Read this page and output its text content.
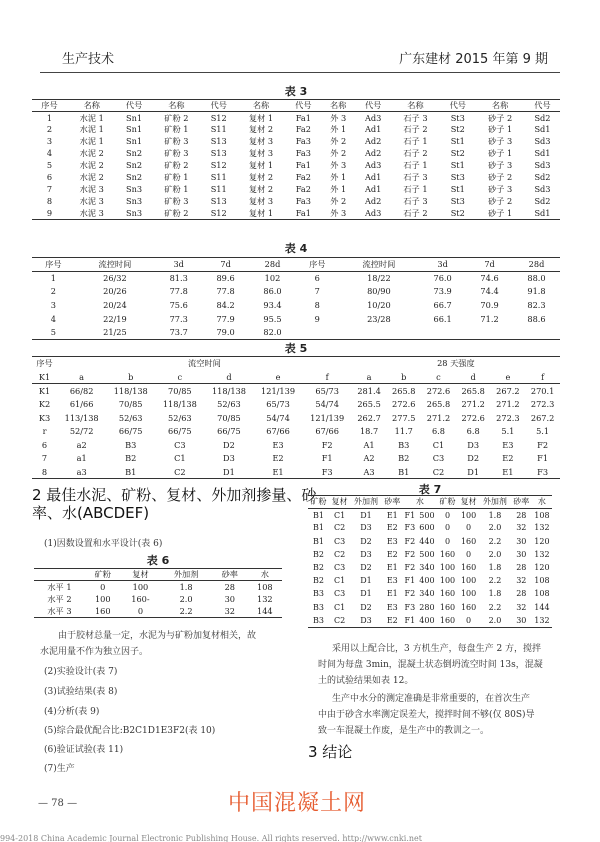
生产技术	广东建材 2015 年第 9 期
表 3
序号	名称	代号	名称	代号	名称	代号	名称	代号	名称	代号	名称	代号
1	水泥 1	Sn1	矿粉 2	S12	复材 1	Fa1	外 3	Ad3	石子 3	St3	砂子 2	Sd2
2	水泥 1	Sn1	矿粉 1	S11	复材 2	Fa2	外 1	Ad1	石子 2	St2	砂子 1	Sd1
3	水泥 1	Sn1	矿粉 3	S13	复材 3	Fa3	外 2	Ad2	石子 1	St1	砂子 3	Sd3
4	水泥 2	Sn2	矿粉 3	S13	复材 3	Fa3	外 2	Ad2	石子 2	St2	砂子 1	Sd1
5	水泥 2	Sn2	矿粉 2	S12	复材 1	Fa1	外 3	Ad3	石子 1	St1	砂子 3	Sd3
6	水泥 2	Sn2	矿粉 1	S11	复材 2	Fa2	外 1	Ad1	石子 3	St3	砂子 2	Sd2
7	水泥 3	Sn3	矿粉 1	S11	复材 2	Fa2	外 1	Ad1	石子 1	St1	砂子 3	Sd3
8	水泥 3	Sn3	矿粉 3	S13	复材 3	Fa3	外 2	Ad2	石子 3	St3	砂子 2	Sd2
9	水泥 3	Sn3	矿粉 2	S12	复材 1	Fa1	外 3	Ad3	石子 2	St2	砂子 1	Sd1
表 4
序号	流控时间	3d	7d	28d	序号	流控时间	3d	7d	28d
1	26/32	81.3	89.6	102	6	18/22	76.0	74.6	88.0
2	20/26	77.8	77.8	86.0	7	80/90	73.9	74.4	91.8
3	20/24	75.6	84.2	93.4	8	10/20	66.7	70.9	82.3
4	22/19	77.3	77.9	95.5	9	23/28	66.1	71.2	88.6
5	21/25	73.7	79.0	82.0					
表 5
序号	流空时间						28 天强度					
K1	a	b	c	d	e	f	a	b	c	d	e	f
K1	66/82	118/138	70/85	118/138	121/139	65/73	281.4	265.8	272.6	265.8	267.2	270.1
K2	61/66	70/85	118/138	52/63	65/73	54/74	265.5	272.6	265.8	271.2	271.2	272.3
K3	113/138	52/63	52/63	70/85	54/74	121/139	262.7	277.5	271.2	272.6	272.3	267.2
r	52/72	66/75	66/75	66/75	67/66	67/66	18.7	11.7	6.8	6.8	5.1	5.1
6	a2	B3	C3	D2	E3	F2	A1	B3	C1	D3	E3	F2
7	a1	B2	C1	D3	E2	F1	A2	B2	C3	D2	E2	F1
8	a3	B1	C2	D1	E1	F3	A3	B1	C2	D1	E1	F3
2 最佳水泥、矿粉、复材、外加剂掺量、砂
率、水(ABCDEF)
(1)因数设置和水平设计(表 6)
表 6
	矿粉	复材	外加剂	砂率	水
水平 1	0	100	1.8	28	108
水平 2	100	160-	2.0	30	132
水平 3	160	0	2.2	32	144
由于胶材总量一定，水泥为与矿粉加复材相关，故
水泥用量不作为独立因子。
(2)实验设计(表 7)
(3)试验结果(表 8)
(4)分析(表 9)
(5)综合最优配合比:B2C1D1E3F2(表 10)
(6)验证试验(表 11)
(7)生产
表 7
矿粉	复材	外加剂	砂率	水		矿粉	复材	外加剂	砂率	水
B1	C1	D1	E1	F1	500	0	100	1.8	28	108
B1	C2	D3	E2	F3	600	0	0	2.0	32	132
B1	C3	D2	E3	F2	440	0	160	2.2	30	120
B2	C2	D3	E2	F2	500	160	0	2.0	30	132
B2	C3	D2	E1	F2	340	100	160	1.8	28	120
B2	C1	D1	E3	F1	400	100	100	2.2	32	108
B3	C3	D1	E1	F2	340	160	100	1.8	28	108
B3	C1	D2	E3	F3	280	160	160	2.2	32	144
B3	C2	D3	E2	F1	400	160	0	2.0	30	132
采用以上配合比，3 方机生产，每盘生产 2 方，搅拌
时间为每盘 3min，混凝土状态倒坍流空时间 13s，混凝
土的试验结果如表 12。
生产中水分的测定准确是非常重要的，在首次生产
中由于砂含水率测定误差大，搅拌时间不够(仅 80S)导
致一车混凝土作废，是生产中的教训之一。
3 结论
— 78 —	中国混凝土网
994-2018 China Academic Journal Electronic Publishing House. All rights reserved. http://www.cnki.net
